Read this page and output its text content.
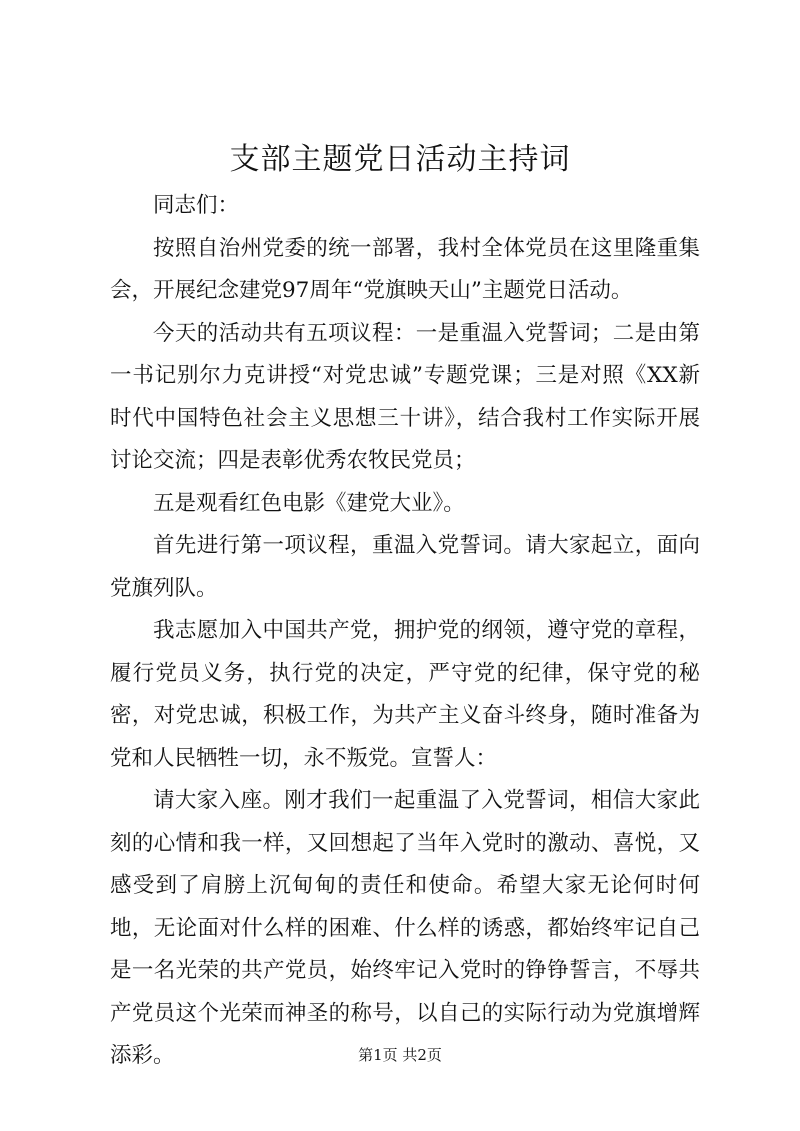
支部主题党日活动主持词

同志们：

按照自治州党委的统一部署，我村全体党员在这里隆重集会，开展纪念建党97周年“党旗映天山”主题党日活动。

今天的活动共有五项议程：一是重温入党誓词；二是由第一书记别尔力克讲授“对党忠诚”专题党课；三是对照《XX新时代中国特色社会主义思想三十讲》，结合我村工作实际开展讨论交流；四是表彰优秀农牧民党员；

五是观看红色电影《建党大业》。

首先进行第一项议程，重温入党誓词。请大家起立，面向党旗列队。

我志愿加入中国共产党，拥护党的纲领，遵守党的章程，履行党员义务，执行党的决定，严守党的纪律，保守党的秘密，对党忠诚，积极工作，为共产主义奋斗终身，随时准备为党和人民牺牲一切，永不叛党。宣誓人：

请大家入座。刚才我们一起重温了入党誓词，相信大家此刻的心情和我一样，又回想起了当年入党时的激动、喜悦，又感受到了肩膀上沉甸甸的责任和使命。希望大家无论何时何地，无论面对什么样的困难、什么样的诱惑，都始终牢记自己是一名光荣的共产党员，始终牢记入党时的铮铮誓言，不辱共产党员这个光荣而神圣的称号，以自己的实际行动为党旗增辉添彩。	第1页 共2页
